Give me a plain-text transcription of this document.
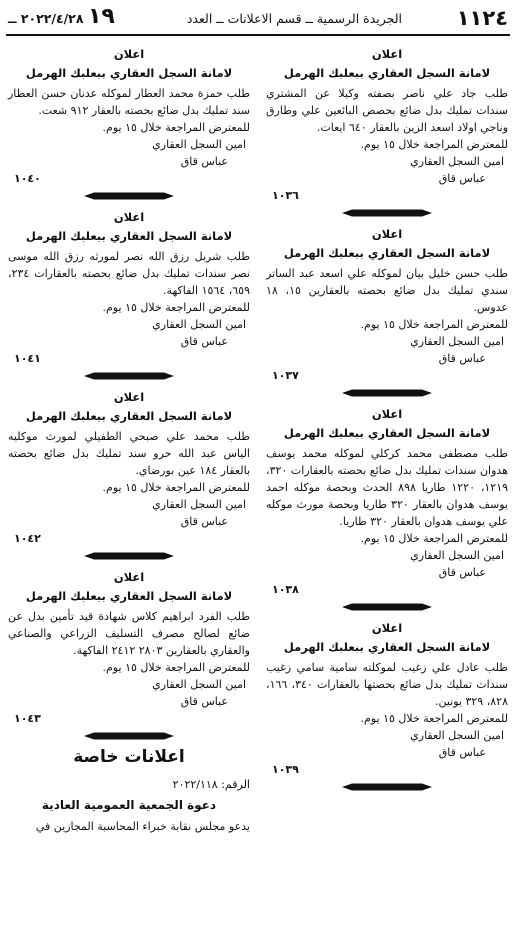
١١٢٤
الجريدة الرسمية ــ قسم الاعلانات ــ العدد
١٩
٢٠٢٢/٤/٢٨ ــ
اعلان
لامانة السجل العقاري ببعلبك الهرمل
طلب جاد علي ناصر بصفته وكيلا عن المشتري سندات تمليك بدل ضائع بحصص البائعين علي وطارق وناجي اولاد اسعد الزين بالعقار ٦٤٠ ايعات.
للمعترض المراجعة خلال ١٥ يوم.
امين السجل العقاري
عباس قاق
١٠٣٦
اعلان
لامانة السجل العقاري ببعلبك الهرمل
طلب حسن خليل بيان لموكله علي اسعد عبد الساتر سندي تمليك بدل ضائع بحصته بالعقارين ١٥، ١٨ عدوس.
للمعترض المراجعة خلال ١٥ يوم.
امين السجل العقاري
عباس قاق
١٠٣٧
اعلان
لامانة السجل العقاري ببعلبك الهرمل
طلب مصطفى محمد كركلي لموكله محمد يوسف هدوان سندات تمليك بدل ضائع بحصته بالعقارات ٣٢٠، ١٢١٩، ١٢٢٠ طاريا ٨٩٨ الحدث وبحصة موكله احمد يوسف هدوان بالعقار ٣٢٠ طاريا وبحصة مورث موكله علي يوسف هدوان بالعقار ٣٢٠ طاريا.
للمعترض المراجعة خلال ١٥ يوم.
امين السجل العقاري
عباس قاق
١٠٣٨
اعلان
لامانة السجل العقاري ببعلبك الهرمل
طلب عادل علي زغيب لموكلته سامية سامي زغيب سندات تمليك بدل ضائع بحصتها بالعقارات ٣٤٠، ١٦٦، ٨٢٨، ٣٢٩ يونين.
للمعترض المراجعة خلال ١٥ يوم.
امين السجل العقاري
عباس قاق
١٠٣٩
اعلان
لامانة السجل العقاري ببعلبك الهرمل
طلب حمزة محمد العطار لموكله عدنان حسن العطار سند تمليك بدل ضائع بحصته بالعقار ٩١٢ شعت.
للمعترض المراجعة خلال ١٥ يوم.
امين السجل العقاري
عباس قاق
١٠٤٠
اعلان
لامانة السجل العقاري ببعلبك الهرمل
طلب شربل رزق الله نصر لمورثه رزق الله موسى نصر سندات تمليك بدل ضائع بحصته بالعقارات ٢٣٤، ٦٥٩، ١٥٦٤ الفاكهة.
للمعترض المراجعة خلال ١٥ يوم.
امين السجل العقاري
عباس قاق
١٠٤١
اعلان
لامانة السجل العقاري ببعلبك الهرمل
طلب محمد علي صبحي الطفيلي لمورث موكليه الياس عبد الله حرو سند تمليك بدل ضائع بحصته بالعقار ١٨٤ عين بورضاي.
للمعترض المراجعة خلال ١٥ يوم.
امين السجل العقاري
عباس قاق
١٠٤٢
اعلان
لامانة السجل العقاري ببعلبك الهرمل
طلب الفرد ابراهيم كلاس شهادة قيد تأمين بدل عن ضائع لصالح مصرف التسليف الزراعي والصناعي والعقاري بالعقارين ٢٨٠٣ ٢٤١٢ الفاكهة.
للمعترض المراجعة خلال ١٥ يوم.
امين السجل العقاري
عباس قاق
١٠٤٣
اعلانات خاصة
الرقم: ٢٠٢٢/١١٨
دعوة الجمعية العمومية العادية
يدعو مجلس نقابة خبراء المحاسبة المجازين في
